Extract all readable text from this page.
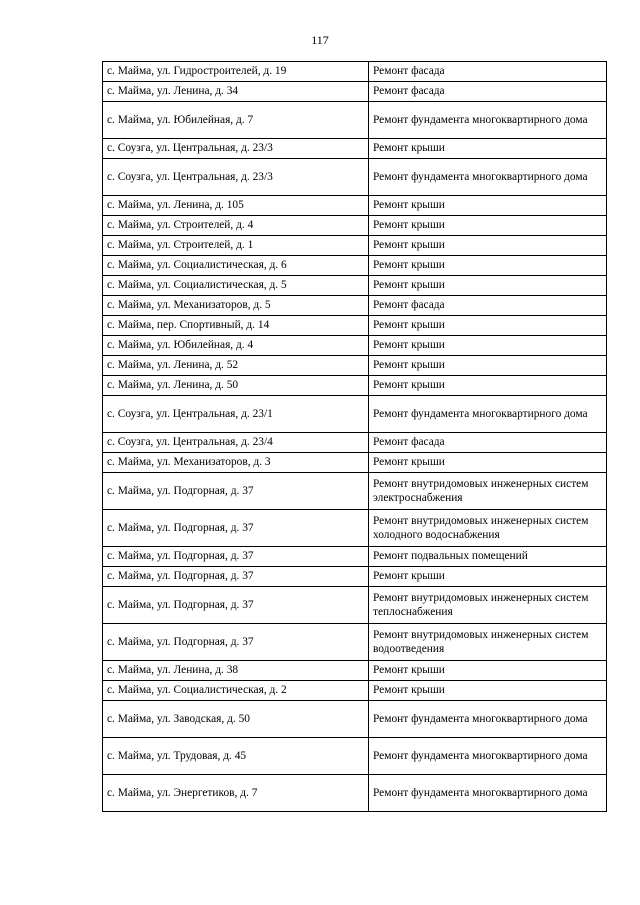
117
с. Майма, ул. Гидростроителей, д. 19	Ремонт фасада
с. Майма, ул. Ленина, д. 34	Ремонт фасада
с. Майма, ул. Юбилейная, д. 7	Ремонт фундамента многоквартирного дома
с. Соузга, ул. Центральная, д. 23/3	Ремонт крыши
с. Соузга, ул. Центральная, д. 23/3	Ремонт фундамента многоквартирного дома
с. Майма, ул. Ленина, д. 105	Ремонт крыши
с. Майма, ул. Строителей, д. 4	Ремонт крыши
с. Майма, ул. Строителей, д. 1	Ремонт крыши
с. Майма, ул. Социалистическая, д. 6	Ремонт крыши
с. Майма, ул. Социалистическая, д. 5	Ремонт крыши
с. Майма, ул. Механизаторов, д. 5	Ремонт фасада
с. Майма, пер. Спортивный, д. 14	Ремонт крыши
с. Майма, ул. Юбилейная, д. 4	Ремонт крыши
с. Майма, ул. Ленина, д. 52	Ремонт крыши
с. Майма, ул. Ленина, д. 50	Ремонт крыши
с. Соузга, ул. Центральная, д. 23/1	Ремонт фундамента многоквартирного дома
с. Соузга, ул. Центральная, д. 23/4	Ремонт фасада
с. Майма, ул. Механизаторов, д. 3	Ремонт крыши
с. Майма, ул. Подгорная, д. 37	Ремонт внутридомовых инженерных систем электроснабжения
с. Майма, ул. Подгорная, д. 37	Ремонт внутридомовых инженерных систем холодного водоснабжения
с. Майма, ул. Подгорная, д. 37	Ремонт подвальных помещений
с. Майма, ул. Подгорная, д. 37	Ремонт крыши
с. Майма, ул. Подгорная, д. 37	Ремонт внутридомовых инженерных систем теплоснабжения
с. Майма, ул. Подгорная, д. 37	Ремонт внутридомовых инженерных систем водоотведения
с. Майма, ул. Ленина, д. 38	Ремонт крыши
с. Майма, ул. Социалистическая, д. 2	Ремонт крыши
с. Майма, ул. Заводская, д. 50	Ремонт фундамента многоквартирного дома
с. Майма, ул. Трудовая, д. 45	Ремонт фундамента многоквартирного дома
с. Майма, ул. Энергетиков, д. 7	Ремонт фундамента многоквартирного дома
